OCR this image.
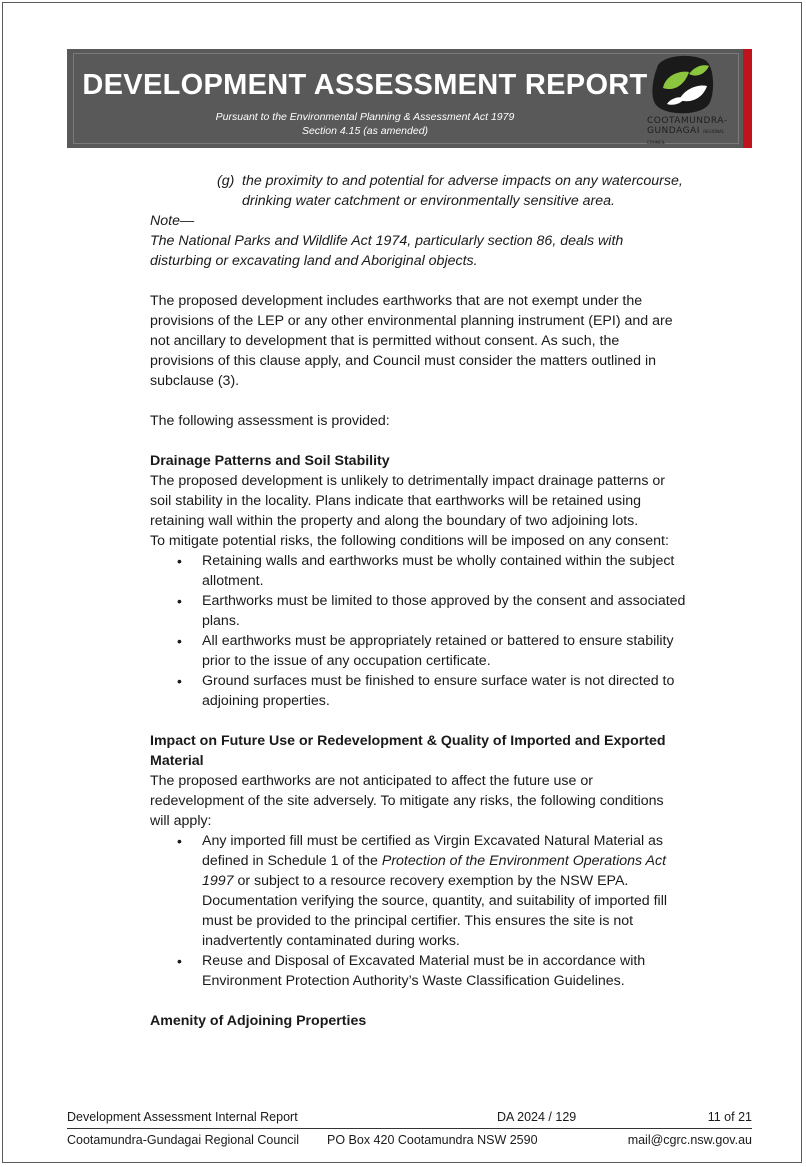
DEVELOPMENT ASSESSMENT REPORT
Pursuant to the Environmental Planning & Assessment Act 1979
Section 4.15 (as amended)
COOTAMUNDRA-
GUNDAGAI REGIONAL COUNCIL

(g) the proximity to and potential for adverse impacts on any watercourse,
drinking water catchment or environmentally sensitive area.

Note—

The National Parks and Wildlife Act 1974, particularly section 86, deals with
disturbing or excavating land and Aboriginal objects.

The proposed development includes earthworks that are not exempt under the
provisions of the LEP or any other environmental planning instrument (EPI) and are
not ancillary to development that is permitted without consent. As such, the
provisions of this clause apply, and Council must consider the matters outlined in
subclause (3).

The following assessment is provided:

Drainage Patterns and Soil Stability

The proposed development is unlikely to detrimentally impact drainage patterns or
soil stability in the locality. Plans indicate that earthworks will be retained using
retaining wall within the property and along the boundary of two adjoining lots.
To mitigate potential risks, the following conditions will be imposed on any consent:

• Retaining walls and earthworks must be wholly contained within the subject
allotment.
• Earthworks must be limited to those approved by the consent and associated
plans.
• All earthworks must be appropriately retained or battered to ensure stability
prior to the issue of any occupation certificate.
• Ground surfaces must be finished to ensure surface water is not directed to
adjoining properties.

Impact on Future Use or Redevelopment & Quality of Imported and Exported
Material

The proposed earthworks are not anticipated to affect the future use or
redevelopment of the site adversely. To mitigate any risks, the following conditions
will apply:

• Any imported fill must be certified as Virgin Excavated Natural Material as
defined in Schedule 1 of the Protection of the Environment Operations Act
1997 or subject to a resource recovery exemption by the NSW EPA.
Documentation verifying the source, quantity, and suitability of imported fill
must be provided to the principal certifier. This ensures the site is not
inadvertently contaminated during works.
• Reuse and Disposal of Excavated Material must be in accordance with
Environment Protection Authority’s Waste Classification Guidelines.

Amenity of Adjoining Properties

Development Assessment Internal Report	DA 2024 / 129	11 of 21
Cootamundra-Gundagai Regional Council PO Box 420 Cootamundra NSW 2590	mail@cgrc.nsw.gov.au
